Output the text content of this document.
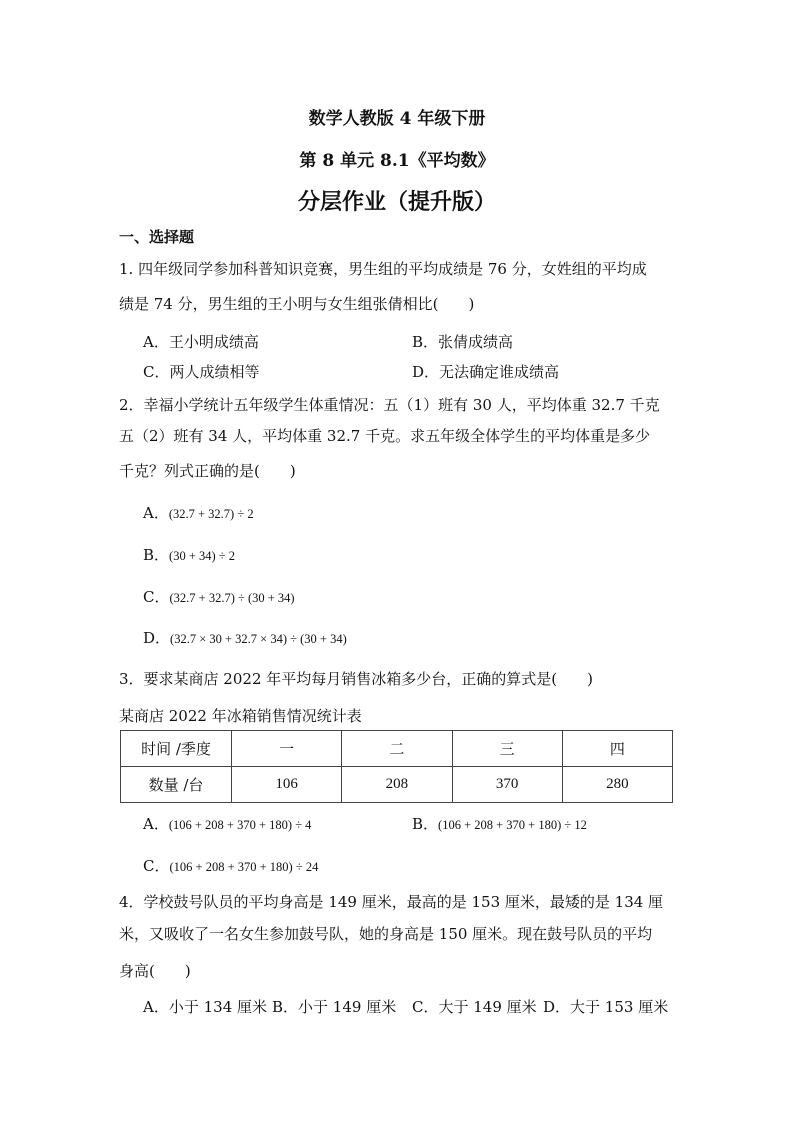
数学人教版 4 年级下册
第 8 单元 8.1《平均数》
分层作业（提升版）
一、选择题
1. 四年级同学参加科普知识竞赛，男生组的平均成绩是 76 分，女姓组的平均成
绩是 74 分，男生组的王小明与女生组张倩相比(　　)
A．王小明成绩高	B．张倩成绩高
C．两人成绩相等	D．无法确定谁成绩高
2．幸福小学统计五年级学生体重情况：五（1）班有 30 人，平均体重 32.7 千克
五（2）班有 34 人，平均体重 32.7 千克。求五年级全体学生的平均体重是多少
千克？列式正确的是(　　)
A．(32.7 + 32.7) ÷ 2
B．(30 + 34) ÷ 2
C．(32.7 + 32.7) ÷ (30 + 34)
D．(32.7 × 30 + 32.7 × 34) ÷ (30 + 34)
3．要求某商店 2022 年平均每月销售冰箱多少台，正确的算式是(　　)
某商店 2022 年冰箱销售情况统计表
时间 /季度	一	二	三	四
数量 /台	106	208	370	280
A．(106 + 208 + 370 + 180) ÷ 4	B．(106 + 208 + 370 + 180) ÷ 12
C．(106 + 208 + 370 + 180) ÷ 24
4．学校鼓号队员的平均身高是 149 厘米，最高的是 153 厘米，最矮的是 134 厘
米，又吸收了一名女生参加鼓号队，她的身高是 150 厘米。现在鼓号队员的平均
身高(　　)
A．小于 134 厘米 B．小于 149 厘米 C．大于 149 厘米 D．大于 153 厘米
